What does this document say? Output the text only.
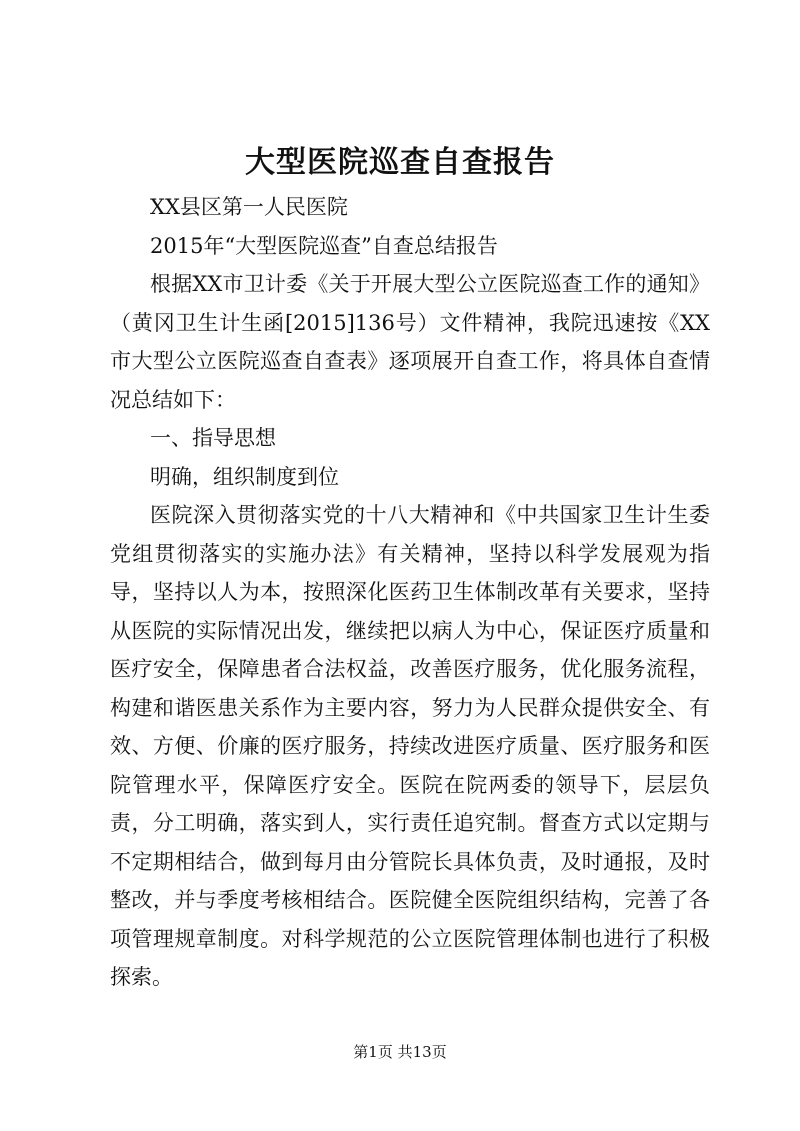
大型医院巡查自查报告

XX县区第一人民医院

2015年“大型医院巡查”自查总结报告

根据XX市卫计委《关于开展大型公立医院巡查工作的通知》（黄冈卫生计生函[2015]136号）文件精神，我院迅速按《XX市大型公立医院巡查自查表》逐项展开自查工作，将具体自查情况总结如下：

一、指导思想

明确，组织制度到位

医院深入贯彻落实党的十八大精神和《中共国家卫生计生委党组贯彻落实的实施办法》有关精神，坚持以科学发展观为指导，坚持以人为本，按照深化医药卫生体制改革有关要求，坚持从医院的实际情况出发，继续把以病人为中心，保证医疗质量和医疗安全，保障患者合法权益，改善医疗服务，优化服务流程，构建和谐医患关系作为主要内容，努力为人民群众提供安全、有效、方便、价廉的医疗服务，持续改进医疗质量、医疗服务和医院管理水平，保障医疗安全。医院在院两委的领导下，层层负责，分工明确，落实到人，实行责任追究制。督查方式以定期与不定期相结合，做到每月由分管院长具体负责，及时通报，及时整改，并与季度考核相结合。医院健全医院组织结构，完善了各项管理规章制度。对科学规范的公立医院管理体制也进行了积极探索。

第1页 共13页
